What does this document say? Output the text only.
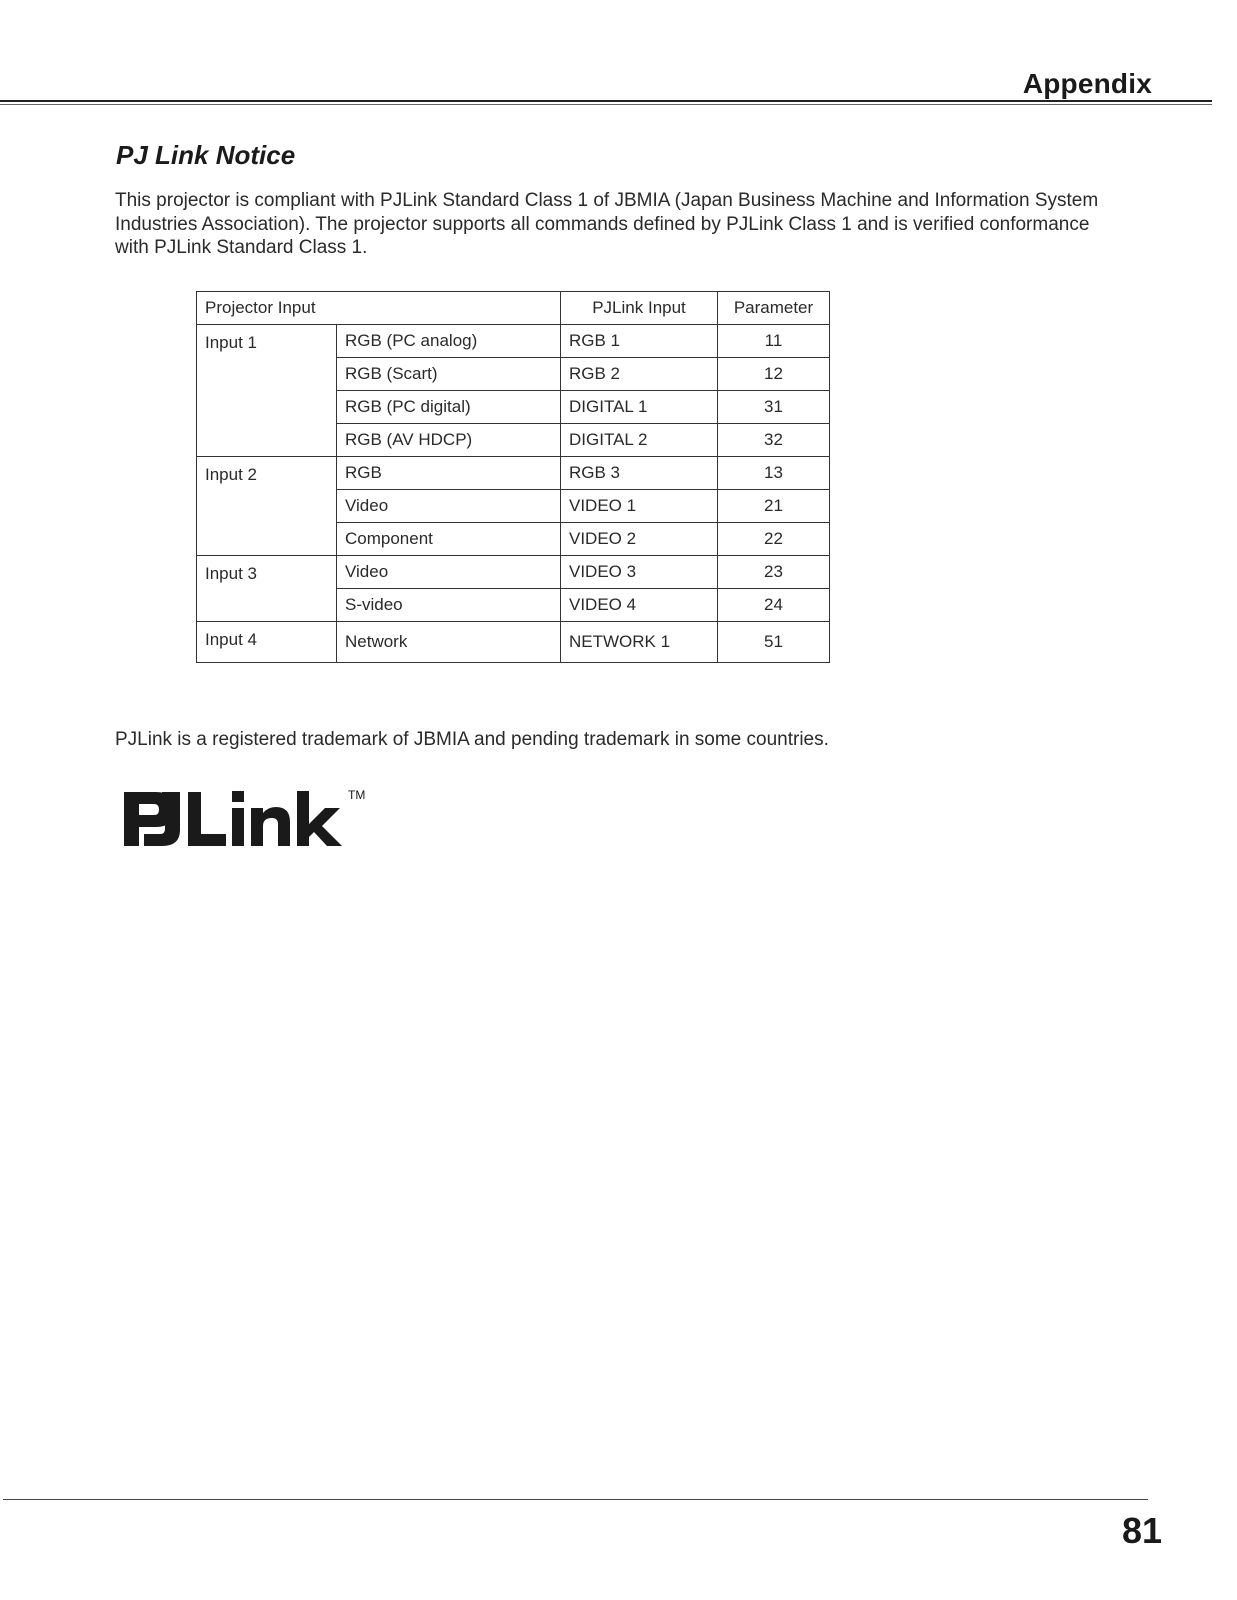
Appendix
PJ Link Notice

This projector is compliant with PJLink Standard Class 1 of JBMIA (Japan Business Machine and Information System Industries Association). The projector supports all commands defined by PJLink Class 1 and is verified conformance with PJLink Standard Class 1.

Projector Input		PJLink Input	Parameter
Input 1	RGB (PC analog)	RGB 1	11
	RGB (Scart)	RGB 2	12
	RGB (PC digital)	DIGITAL 1	31
	RGB (AV HDCP)	DIGITAL 2	32
Input 2	RGB	RGB 3	13
	Video	VIDEO 1	21
	Component	VIDEO 2	22
Input 3	Video	VIDEO 3	23
	S-video	VIDEO 4	24
Input 4	Network	NETWORK 1	51

PJLink is a registered trademark of JBMIA and pending trademark in some countries.

TM
81
